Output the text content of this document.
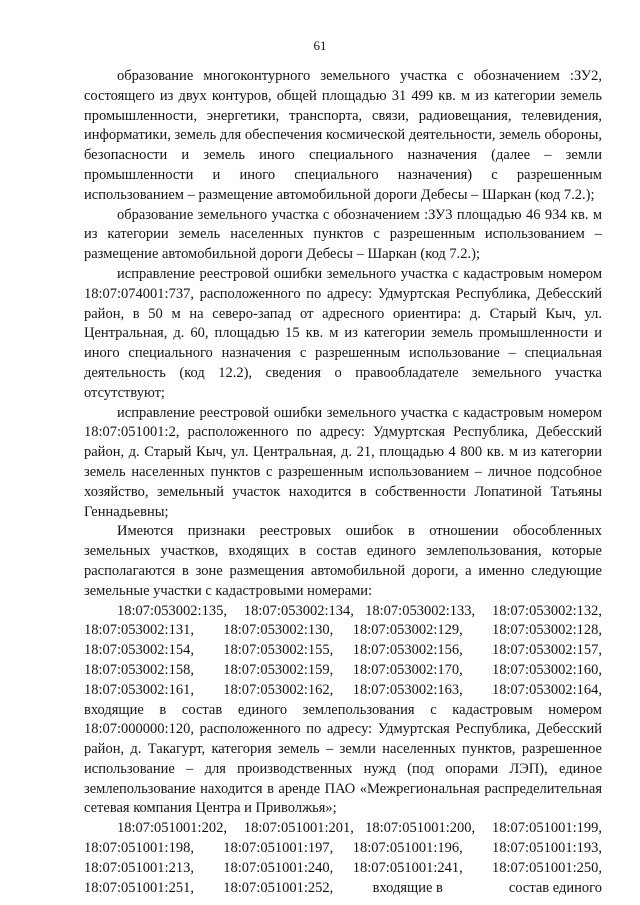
61

образование многоконтурного земельного участка с обозначением :ЗУ2, состоящего из двух контуров, общей площадью 31 499 кв. м из категории земель промышленности, энергетики, транспорта, связи, радиовещания, телевидения, информатики, земель для обеспечения космической деятельности, земель обороны, безопасности и земель иного специального назначения (далее – земли промышленности и иного специального назначения) с разрешенным использованием – размещение автомобильной дороги Дебесы – Шаркан (код 7.2.);

образование земельного участка с обозначением :ЗУ3 площадью 46 934 кв. м из категории земель населенных пунктов с разрешенным использованием – размещение автомобильной дороги Дебесы – Шаркан (код 7.2.);

исправление реестровой ошибки земельного участка с кадастровым номером 18:07:074001:737, расположенного по адресу: Удмуртская Республика, Дебесский район, в 50 м на северо-запад от адресного ориентира: д. Старый Кыч, ул. Центральная, д. 60, площадью 15 кв. м из категории земель промышленности и иного специального назначения с разрешенным использование – специальная деятельность (код 12.2), сведения о правообладателе земельного участка отсутствуют;

исправление реестровой ошибки земельного участка с кадастровым номером 18:07:051001:2, расположенного по адресу: Удмуртская Республика, Дебесский район, д. Старый Кыч, ул. Центральная, д. 21, площадью 4 800 кв. м из категории земель населенных пунктов с разрешенным использованием – личное подсобное хозяйство, земельный участок находится в собственности Лопатиной Татьяны Геннадьевны;

Имеются признаки реестровых ошибок в отношении обособленных земельных участков, входящих в состав единого землепользования, которые располагаются в зоне размещения автомобильной дороги, а именно следующие земельные участки с кадастровыми номерами:

18:07:053002:135,	18:07:053002:134, 18:07:053002:133,	18:07:053002:132,
18:07:053002:131,	18:07:053002:130,	18:07:053002:129,	18:07:053002:128,
18:07:053002:154,	18:07:053002:155,	18:07:053002:156,	18:07:053002:157,
18:07:053002:158,	18:07:053002:159,	18:07:053002:170,	18:07:053002:160,
18:07:053002:161,	18:07:053002:162,	18:07:053002:163,	18:07:053002:164,

входящие в состав единого землепользования с кадастровым номером 18:07:000000:120, расположенного по адресу: Удмуртская Республика, Дебесский район, д. Такагурт, категория земель – земли населенных пунктов, разрешенное использование – для производственных нужд (под опорами ЛЭП), единое землепользование находится в аренде ПАО «Межрегиональная распределительная сетевая компания Центра и Приволжья»;

18:07:051001:202,	18:07:051001:201, 18:07:051001:200,	18:07:051001:199,
18:07:051001:198,	18:07:051001:197,	18:07:051001:196,	18:07:051001:193,
18:07:051001:213,	18:07:051001:240,	18:07:051001:241,	18:07:051001:250,
18:07:051001:251,	18:07:051001:252,	входящие в	состав единого
